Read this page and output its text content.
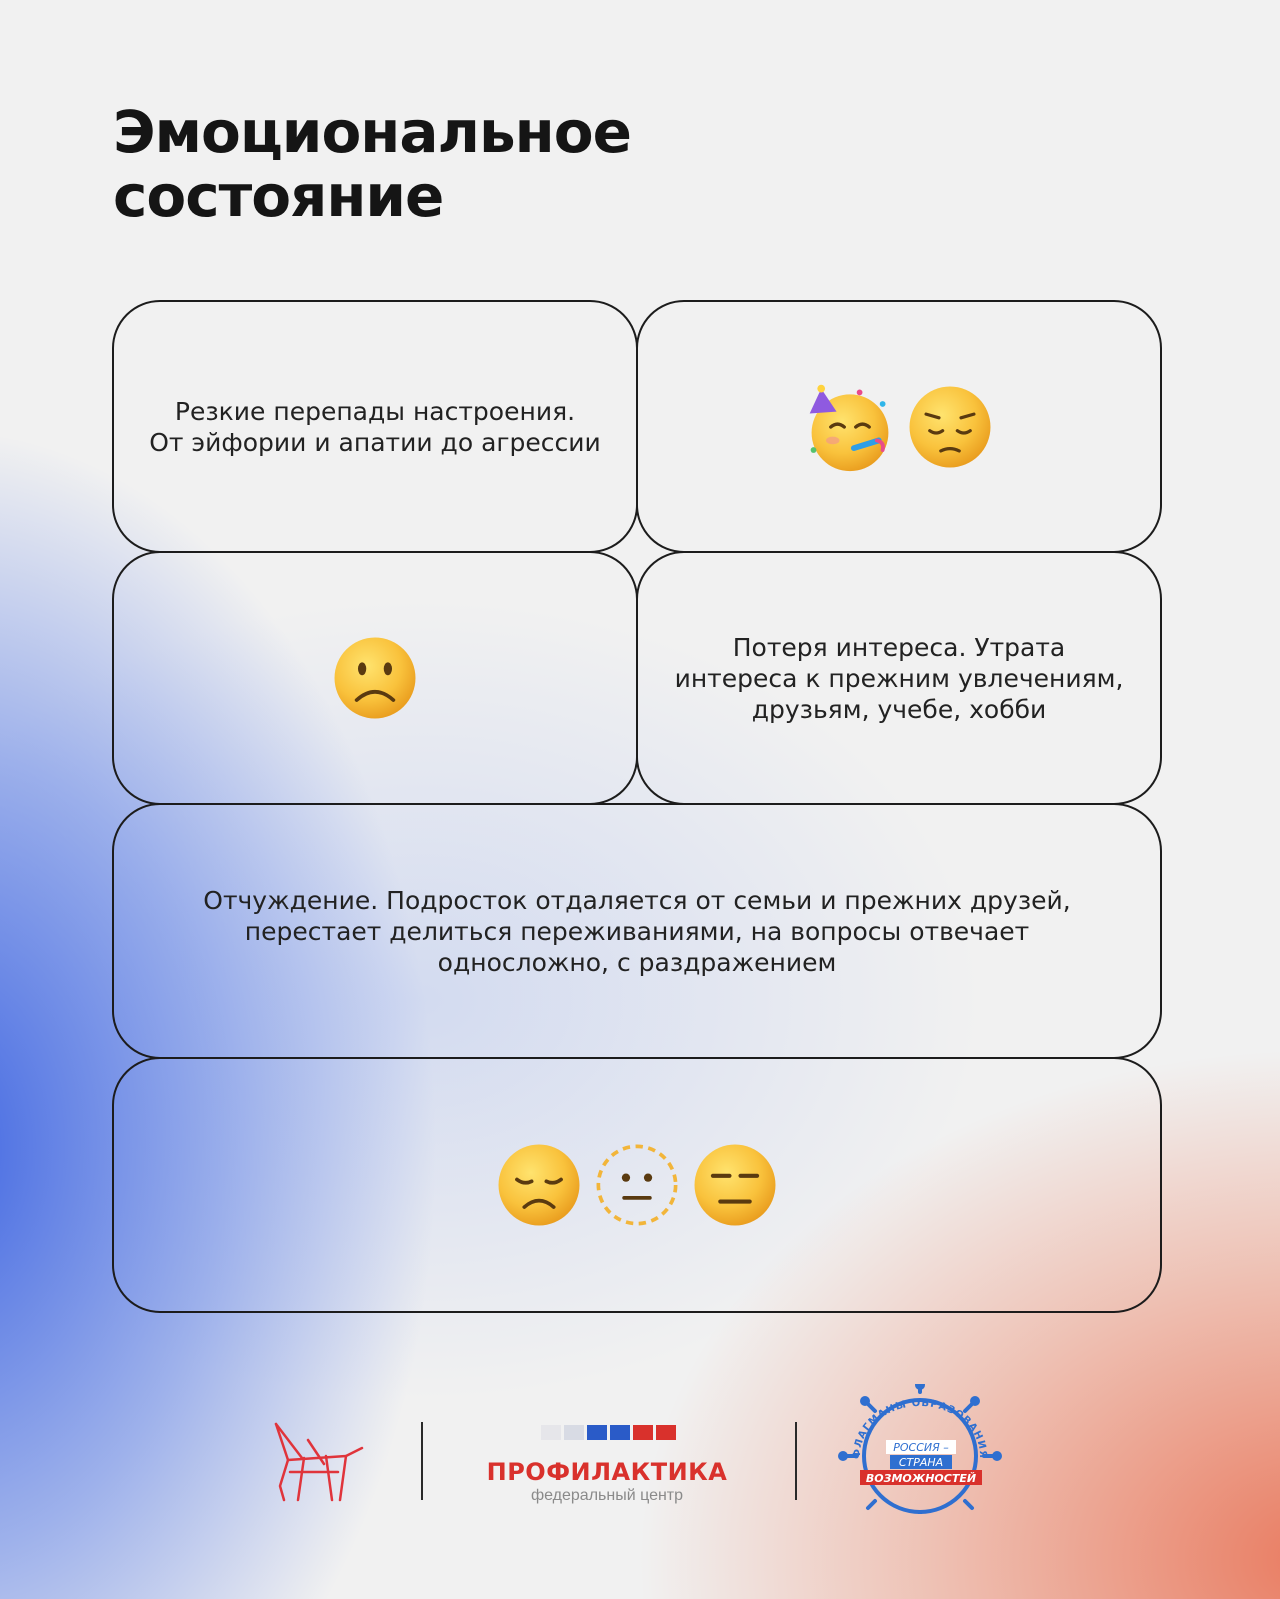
Эмоциональное
состояние

Резкие перепады настроения.
От эйфории и апатии до агрессии

Потеря интереса. Утрата
интереса к прежним увлечениям,
друзьям, учебе, хобби

Отчуждение. Подросток отдаляется от семьи и прежних друзей,
перестает делиться переживаниями, на вопросы отвечает
односложно, с раздражением

ПРОФИЛАКТИКА
федеральный центр
ФЛАГМАНЫ ОБРАЗОВАНИЯ
РОССИЯ –
СТРАНА
ВОЗМОЖНОСТЕЙ
